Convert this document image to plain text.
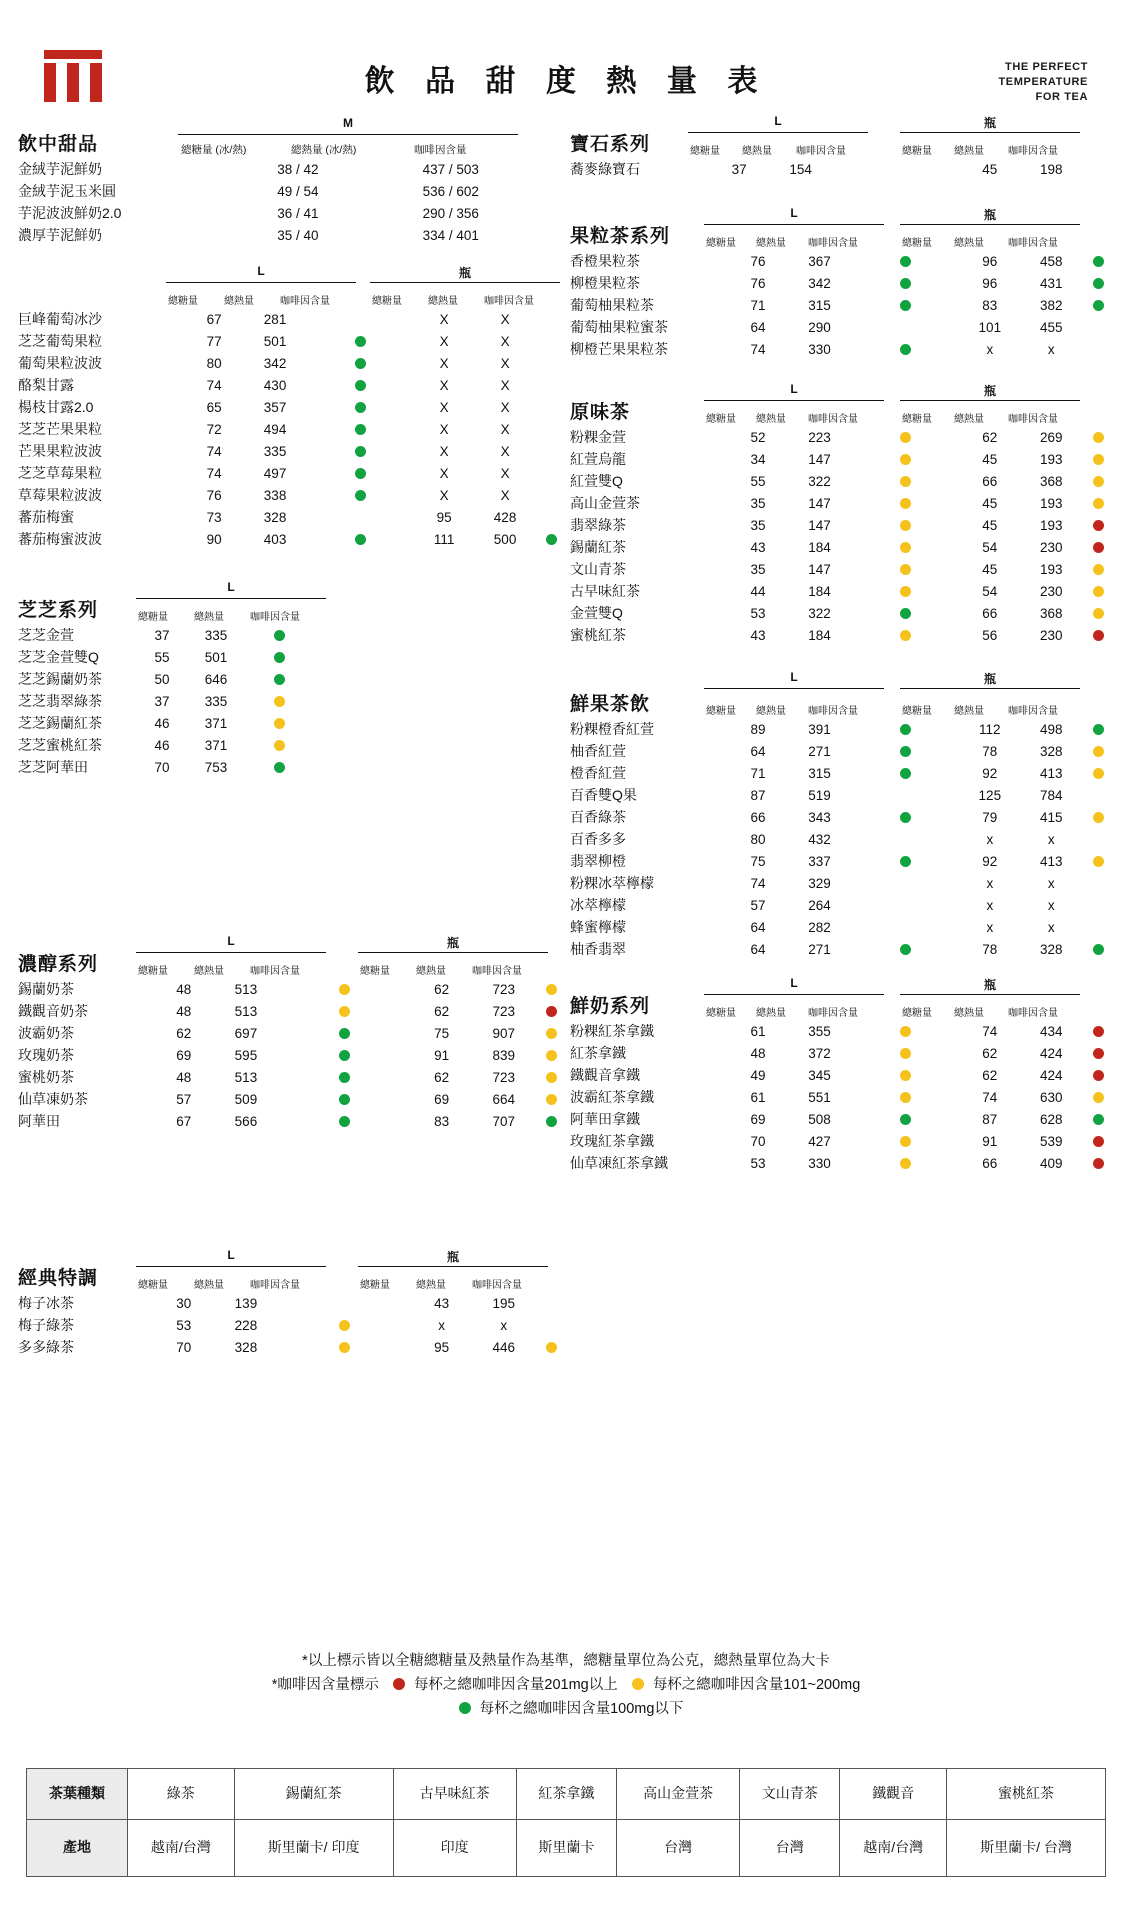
飲 品 甜 度 熱 量 表	THE PERFECT
TEMPERATURE
FOR TEA
飲中甜品
M
總糖量 (冰/熱)	總熱量 (冰/熱)	咖啡因含量
金絨芋泥鮮奶	38 / 42	437 / 503	
金絨芋泥玉米圓	49 / 54	536 / 602	
芋泥波波鮮奶2.0	36 / 41	290 / 356	
濃厚芋泥鮮奶	35 / 40	334 / 401	
L	瓶
總糖量	總熱量	咖啡因含量	總糖量	總熱量	咖啡因含量
巨峰葡萄冰沙	67	281		X	X	
芝芝葡萄果粒	77	501		X	X	
葡萄果粒波波	80	342		X	X	
酪梨甘露	74	430		X	X	
楊枝甘露2.0	65	357		X	X	
芝芝芒果果粒	72	494		X	X	
芒果果粒波波	74	335		X	X	
芝芝草莓果粒	74	497		X	X	
草莓果粒波波	76	338		X	X	
蕃茄梅蜜	73	328		95	428	
蕃茄梅蜜波波	90	403		111	500	
芝芝系列
L
總糖量	總熱量	咖啡因含量
芝芝金萱	37	335		
芝芝金萱雙Q	55	501		
芝芝錫蘭奶茶	50	646		
芝芝翡翠綠茶	37	335		
芝芝錫蘭紅茶	46	371		
芝芝蜜桃紅茶	46	371		
芝芝阿華田	70	753		
濃醇系列
L	瓶
總糖量	總熱量	咖啡因含量	總糖量	總熱量	咖啡因含量
錫蘭奶茶	48	513		62	723	
鐵觀音奶茶	48	513		62	723	
波霸奶茶	62	697		75	907	
玫瑰奶茶	69	595		91	839	
蜜桃奶茶	48	513		62	723	
仙草凍奶茶	57	509		69	664	
阿華田	67	566		83	707	
經典特調
L	瓶
總糖量	總熱量	咖啡因含量	總糖量	總熱量	咖啡因含量
梅子冰茶	30	139		43	195	
梅子綠茶	53	228		x	x	
多多綠茶	70	328		95	446	
寶石系列
L	瓶
總糖量 總熱量 咖啡因含量	總糖量 總熱量 咖啡因含量
蕎麥綠寶石	37	154		45	198	
果粒茶系列
L	瓶
總糖量 總熱量 咖啡因含量	總糖量 總熱量 咖啡因含量
香橙果粒茶	76	367		96	458	
柳橙果粒茶	76	342		96	431	
葡萄柚果粒茶	71	315		83	382	
葡萄柚果粒蜜茶	64	290		101	455	
柳橙芒果果粒茶	74	330		x	x	
原味茶
L	瓶
總糖量 總熱量 咖啡因含量	總糖量 總熱量 咖啡因含量
粉粿金萱	52	223		62	269	
紅萱烏龍	34	147		45	193	
紅萱雙Q	55	322		66	368	
高山金萱茶	35	147		45	193	
翡翠綠茶	35	147		45	193	
錫蘭紅茶	43	184		54	230	
文山青茶	35	147		45	193	
古早味紅茶	44	184		54	230	
金萱雙Q	53	322		66	368	
蜜桃紅茶	43	184		56	230	
鮮果茶飲
L	瓶
總糖量 總熱量 咖啡因含量	總糖量 總熱量 咖啡因含量
粉粿橙香紅萱	89	391		112	498	
柚香紅萱	64	271		78	328	
橙香紅萱	71	315		92	413	
百香雙Q果	87	519		125	784	
百香綠茶	66	343		79	415	
百香多多	80	432		x	x	
翡翠柳橙	75	337		92	413	
粉粿冰萃檸檬	74	329		x	x	
冰萃檸檬	57	264		x	x	
蜂蜜檸檬	64	282		x	x	
柚香翡翠	64	271		78	328	
鮮奶系列
L	瓶
總糖量 總熱量 咖啡因含量	總糖量 總熱量 咖啡因含量
粉粿紅茶拿鐵	61	355		74	434	
紅茶拿鐵	48	372		62	424	
鐵觀音拿鐵	49	345		62	424	
波霸紅茶拿鐵	61	551		74	630	
阿華田拿鐵	69	508		87	628	
玫瑰紅茶拿鐵	70	427		91	539	
仙草凍紅茶拿鐵	53	330		66	409	
*以上標示皆以全糖總糖量及熱量作為基準，總糖量單位為公克，總熱量單位為大卡
*咖啡因含量標示 每杯之總咖啡因含量201mg以上 每杯之總咖啡因含量101~200mg
每杯之總咖啡因含量100mg以下
茶葉種類	綠茶	錫蘭紅茶	古早味紅茶	紅茶拿鐵	高山金萱茶	文山青茶	鐵觀音	蜜桃紅茶
產地	越南/台灣	斯里蘭卡/ 印度	印度	斯里蘭卡	台灣	台灣	越南/台灣	斯里蘭卡/ 台灣
